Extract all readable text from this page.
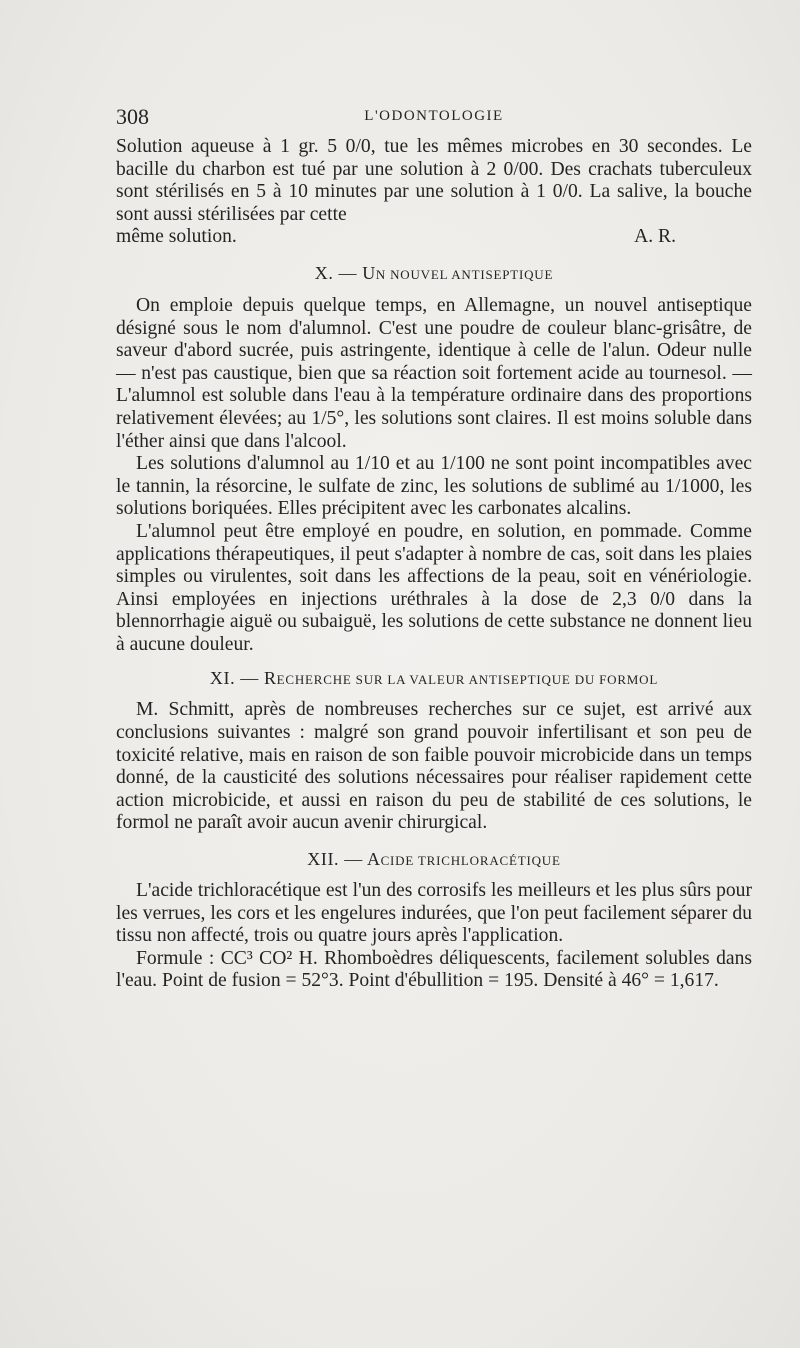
308	L'ODONTOLOGIE

Solution aqueuse à 1 gr. 5 0/0, tue les mêmes microbes en 30 secondes. Le bacille du charbon est tué par une solution à 2 0/00. Des crachats tuberculeux sont stérilisés en 5 à 10 minutes par une solution à 1 0/0. La salive, la bouche sont aussi stérilisées par cette

même solution.	A. R.
X. — UN NOUVEL ANTISEPTIQUE

On emploie depuis quelque temps, en Allemagne, un nouvel antiseptique désigné sous le nom d'alumnol. C'est une poudre de couleur blanc-grisâtre, de saveur d'abord sucrée, puis astringente, identique à celle de l'alun. Odeur nulle — n'est pas caustique, bien que sa réaction soit fortement acide au tournesol. — L'alumnol est soluble dans l'eau à la température ordinaire dans des proportions relativement élevées; au 1/5°, les solutions sont claires. Il est moins soluble dans l'éther ainsi que dans l'alcool.

Les solutions d'alumnol au 1/10 et au 1/100 ne sont point incompatibles avec le tannin, la résorcine, le sulfate de zinc, les solutions de sublimé au 1/1000, les solutions boriquées. Elles précipitent avec les carbonates alcalins.

L'alumnol peut être employé en poudre, en solution, en pommade. Comme applications thérapeutiques, il peut s'adapter à nombre de cas, soit dans les plaies simples ou virulentes, soit dans les affections de la peau, soit en vénériologie. Ainsi employées en injections uréthrales à la dose de 2,3 0/0 dans la blennorrhagie aiguë ou subaiguë, les solutions de cette substance ne donnent lieu à aucune douleur.

XI. — RECHERCHE SUR LA VALEUR ANTISEPTIQUE DU FORMOL

M. Schmitt, après de nombreuses recherches sur ce sujet, est arrivé aux conclusions suivantes : malgré son grand pouvoir infertilisant et son peu de toxicité relative, mais en raison de son faible pouvoir microbicide dans un temps donné, de la causticité des solutions nécessaires pour réaliser rapidement cette action microbicide, et aussi en raison du peu de stabilité de ces solutions, le formol ne paraît avoir aucun avenir chirurgical.

XII. — ACIDE TRICHLORACÉTIQUE

L'acide trichloracétique est l'un des corrosifs les meilleurs et les plus sûrs pour les verrues, les cors et les engelures indurées, que l'on peut facilement séparer du tissu non affecté, trois ou quatre jours après l'application.

Formule : CC³ CO² H. Rhomboèdres déliquescents, facilement solubles dans l'eau. Point de fusion = 52°3. Point d'ébullition = 195. Densité à 46° = 1,617.
